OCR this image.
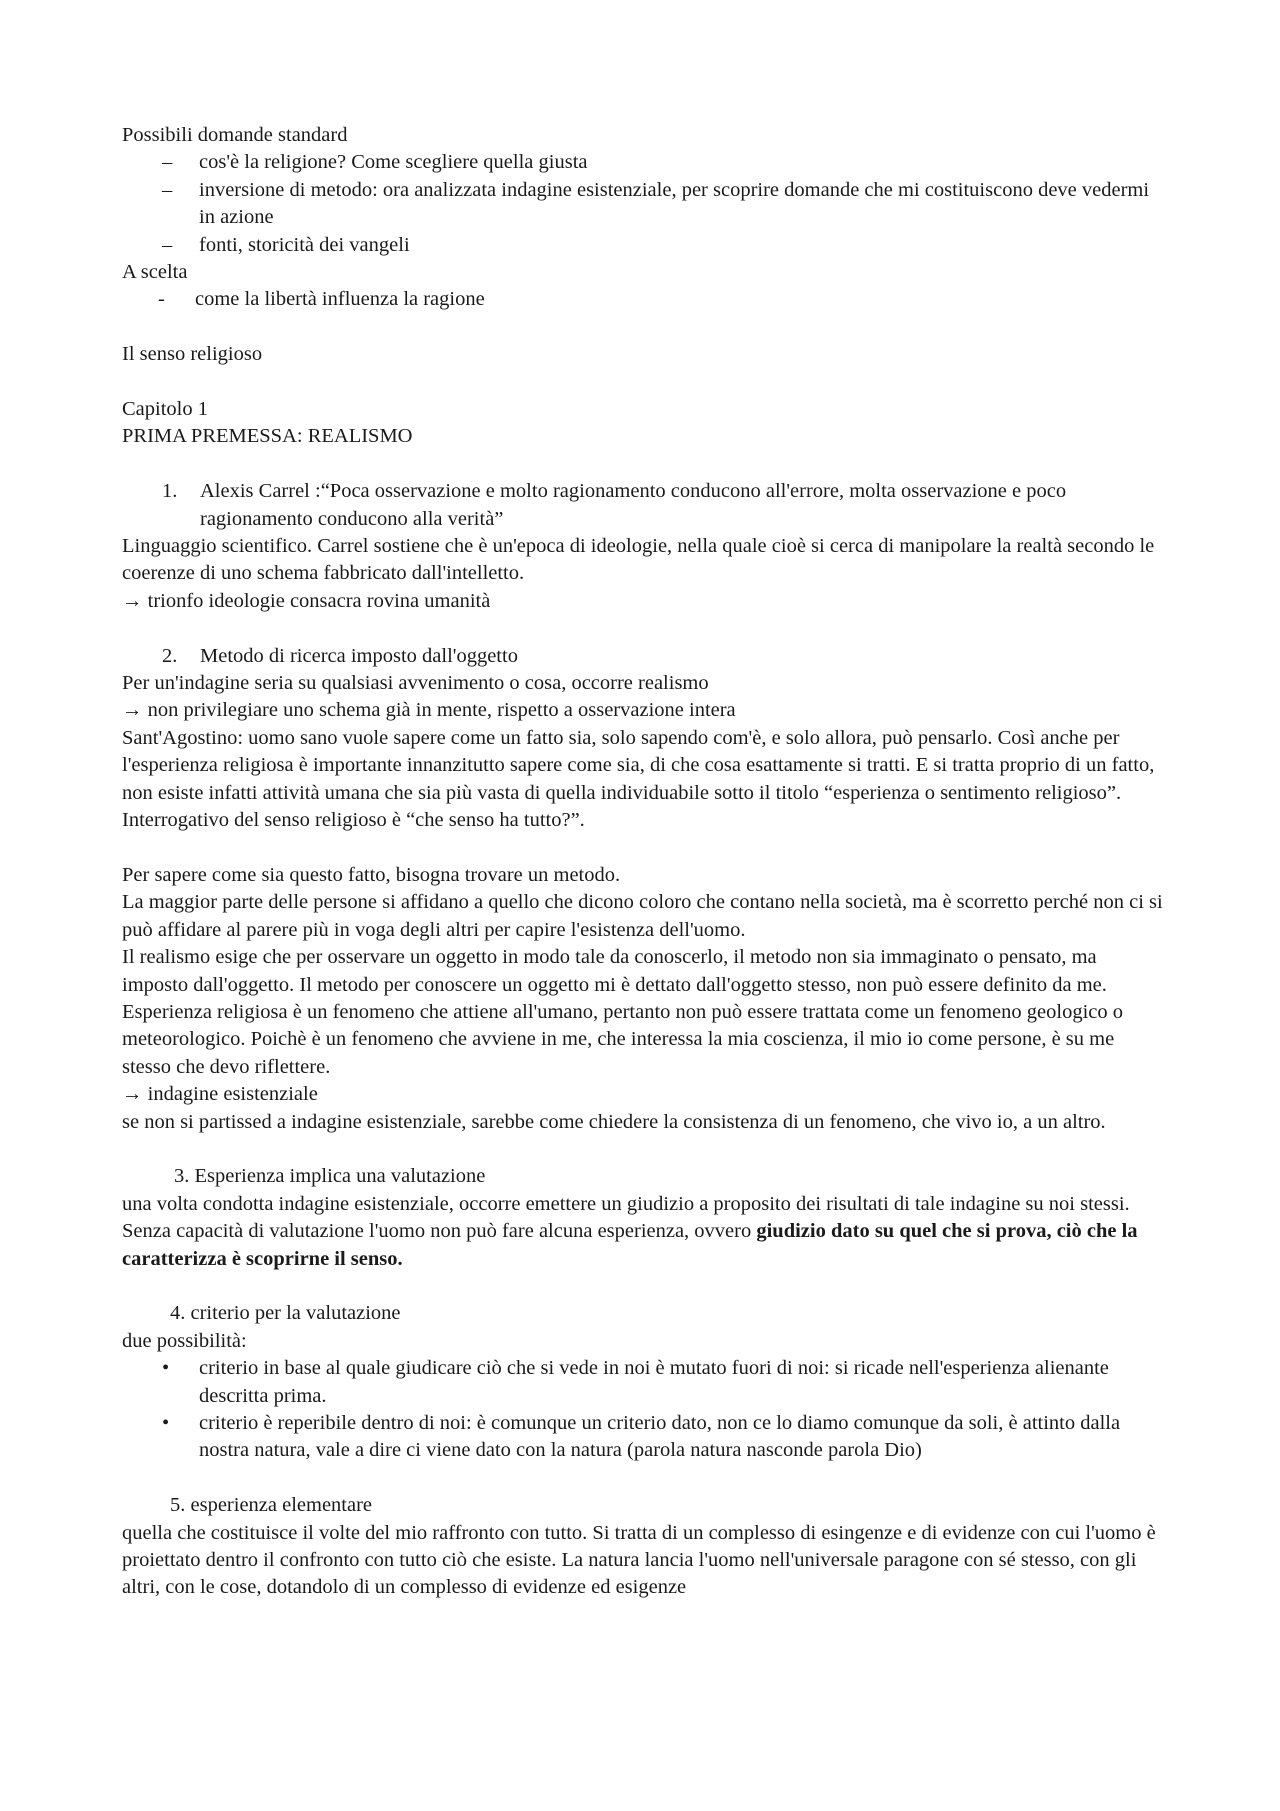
Possibili domande standard
– cos'è la religione? Come scegliere quella giusta
– inversione di metodo: ora analizzata indagine esistenziale, per scoprire domande che mi costituiscono deve vedermi in azione
– fonti, storicità dei vangeli
A scelta
- come la libertà influenza la ragione
Il senso religioso
Capitolo 1
PRIMA PREMESSA: REALISMO
1. Alexis Carrel :“Poca osservazione e molto ragionamento conducono all'errore, molta osservazione e poco ragionamento conducono alla verità”
Linguaggio scientifico. Carrel sostiene che è un'epoca di ideologie, nella quale cioè si cerca di manipolare la realtà secondo le coerenze di uno schema fabbricato dall'intelletto.
→ trionfo ideologie consacra rovina umanità
2. Metodo di ricerca imposto dall'oggetto
Per un'indagine seria su qualsiasi avvenimento o cosa, occorre realismo
→ non privilegiare uno schema già in mente, rispetto a osservazione intera
Sant'Agostino: uomo sano vuole sapere come un fatto sia, solo sapendo com'è, e solo allora, può pensarlo. Così anche per l'esperienza religiosa è importante innanzitutto sapere come sia, di che cosa esattamente si tratti. E si tratta proprio di un fatto, non esiste infatti attività umana che sia più vasta di quella individuabile sotto il titolo “esperienza o sentimento religioso”.
Interrogativo del senso religioso è “che senso ha tutto?”.
Per sapere come sia questo fatto, bisogna trovare un metodo.
La maggior parte delle persone si affidano a quello che dicono coloro che contano nella società, ma è scorretto perché non ci si può affidare al parere più in voga degli altri per capire l'esistenza dell'uomo.
Il realismo esige che per osservare un oggetto in modo tale da conoscerlo, il metodo non sia immaginato o pensato, ma imposto dall'oggetto. Il metodo per conoscere un oggetto mi è dettato dall'oggetto stesso, non può essere definito da me.
Esperienza religiosa è un fenomeno che attiene all'umano, pertanto non può essere trattata come un fenomeno geologico o meteorologico. Poichè è un fenomeno che avviene in me, che interessa la mia coscienza, il mio io come persone, è su me stesso che devo riflettere.
→ indagine esistenziale
se non si partissed a indagine esistenziale, sarebbe come chiedere la consistenza di un fenomeno, che vivo io, a un altro.
3. Esperienza implica una valutazione
una volta condotta indagine esistenziale, occorre emettere un giudizio a proposito dei risultati di tale indagine su noi stessi. Senza capacità di valutazione l'uomo non può fare alcuna esperienza, ovvero giudizio dato su quel che si prova, ciò che la caratterizza è scoprirne il senso.
4. criterio per la valutazione
due possibilità:
• criterio in base al quale giudicare ciò che si vede in noi è mutato fuori di noi: si ricade nell'esperienza alienante descritta prima.
• criterio è reperibile dentro di noi: è comunque un criterio dato, non ce lo diamo comunque da soli, è attinto dalla nostra natura, vale a dire ci viene dato con la natura (parola natura nasconde parola Dio)
5. esperienza elementare
quella che costituisce il volte del mio raffronto con tutto. Si tratta di un complesso di esingenze e di evidenze con cui l'uomo è proiettato dentro il confronto con tutto ciò che esiste. La natura lancia l'uomo nell'universale paragone con sé stesso, con gli altri, con le cose, dotandolo di un complesso di evidenze ed esigenze
